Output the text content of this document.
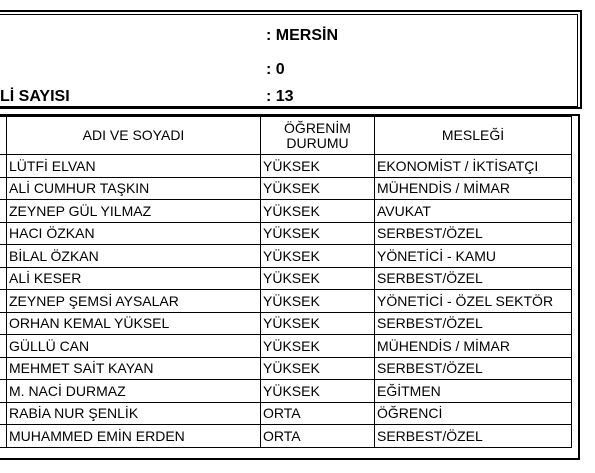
: MERSİN
: 0
Lİ SAYISI	: 13
	ADI VE SOYADI	ÖĞRENİM DURUMU	MESLEĞİ
	LÜTFİ ELVAN	YÜKSEK	EKONOMİST / İKTİSATÇI
	ALİ CUMHUR TAŞKIN	YÜKSEK	MÜHENDİS / MİMAR
	ZEYNEP GÜL YILMAZ	YÜKSEK	AVUKAT
	HACI ÖZKAN	YÜKSEK	SERBEST/ÖZEL
	BİLAL ÖZKAN	YÜKSEK	YÖNETİCİ - KAMU
	ALİ KESER	YÜKSEK	SERBEST/ÖZEL
	ZEYNEP ŞEMSİ AYSALAR	YÜKSEK	YÖNETİCİ - ÖZEL SEKTÖR
	ORHAN KEMAL YÜKSEL	YÜKSEK	SERBEST/ÖZEL
	GÜLLÜ CAN	YÜKSEK	MÜHENDİS / MİMAR
	MEHMET SAİT KAYAN	YÜKSEK	SERBEST/ÖZEL
	M. NACİ DURMAZ	YÜKSEK	EĞİTMEN
	RABİA NUR ŞENLİK	ORTA	ÖĞRENCİ
	MUHAMMED EMİN ERDEN	ORTA	SERBEST/ÖZEL
